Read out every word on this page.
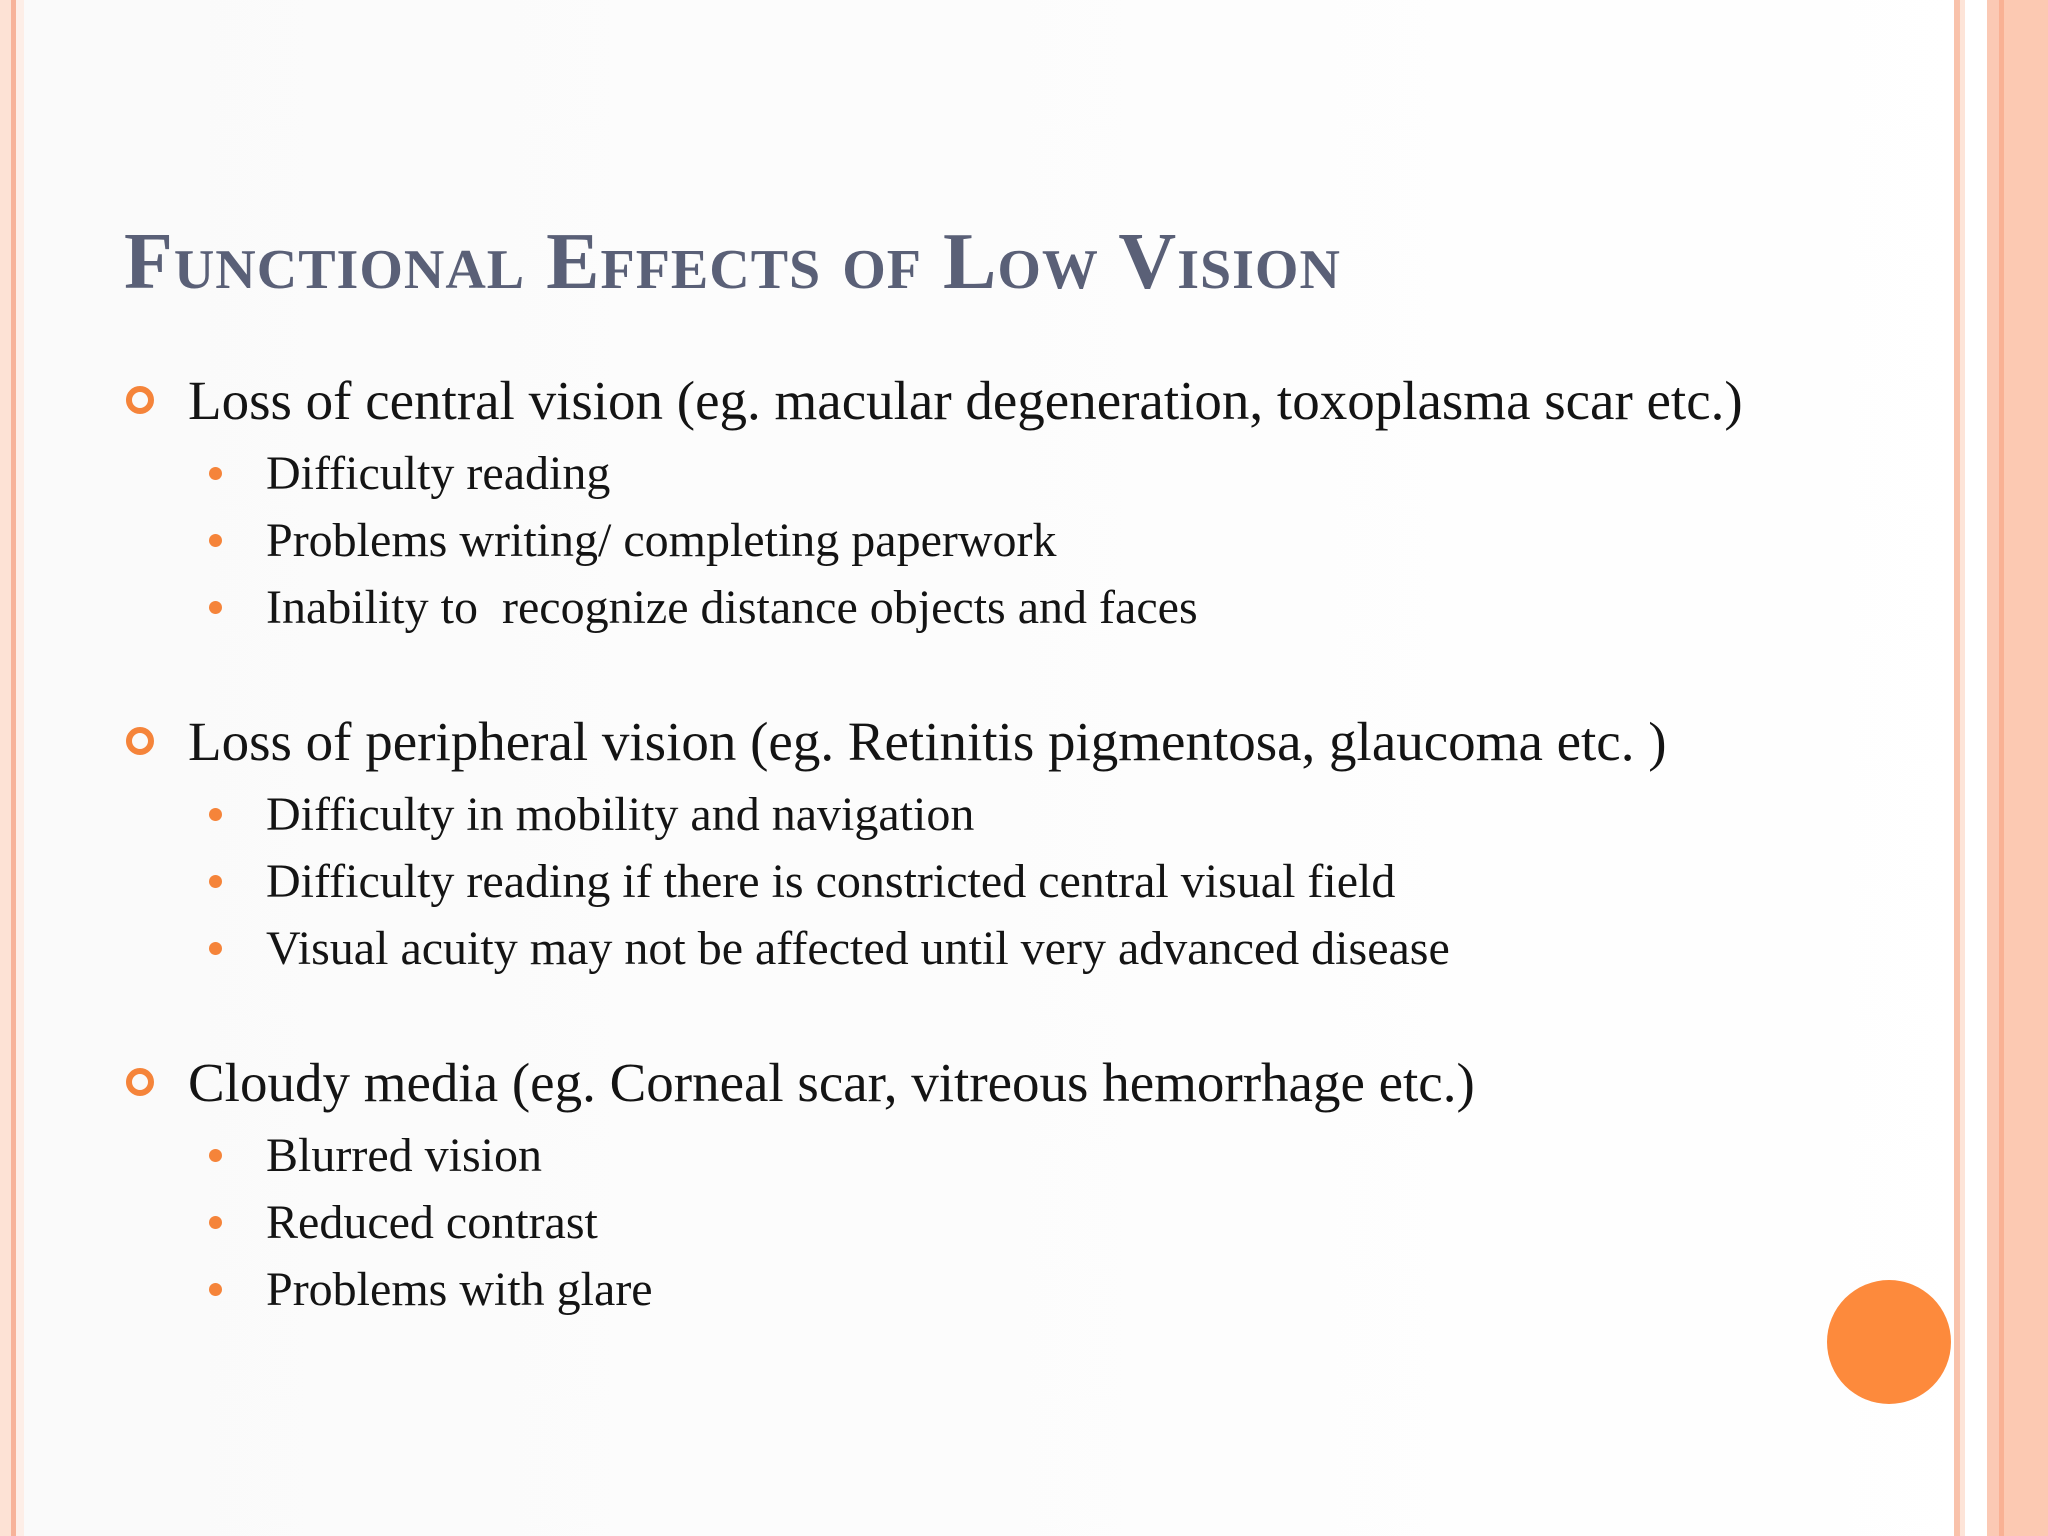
Functional Effects of Low Vision
Loss of central vision (eg. macular degeneration, toxoplasma scar etc.)
Difficulty reading
Problems writing/ completing paperwork
Inability to  recognize distance objects and faces
Loss of peripheral vision (eg. Retinitis pigmentosa, glaucoma etc. )
Difficulty in mobility and navigation
Difficulty reading if there is constricted central visual field
Visual acuity may not be affected until very advanced disease
Cloudy media (eg. Corneal scar, vitreous hemorrhage etc.)
Blurred vision
Reduced contrast
Problems with glare
